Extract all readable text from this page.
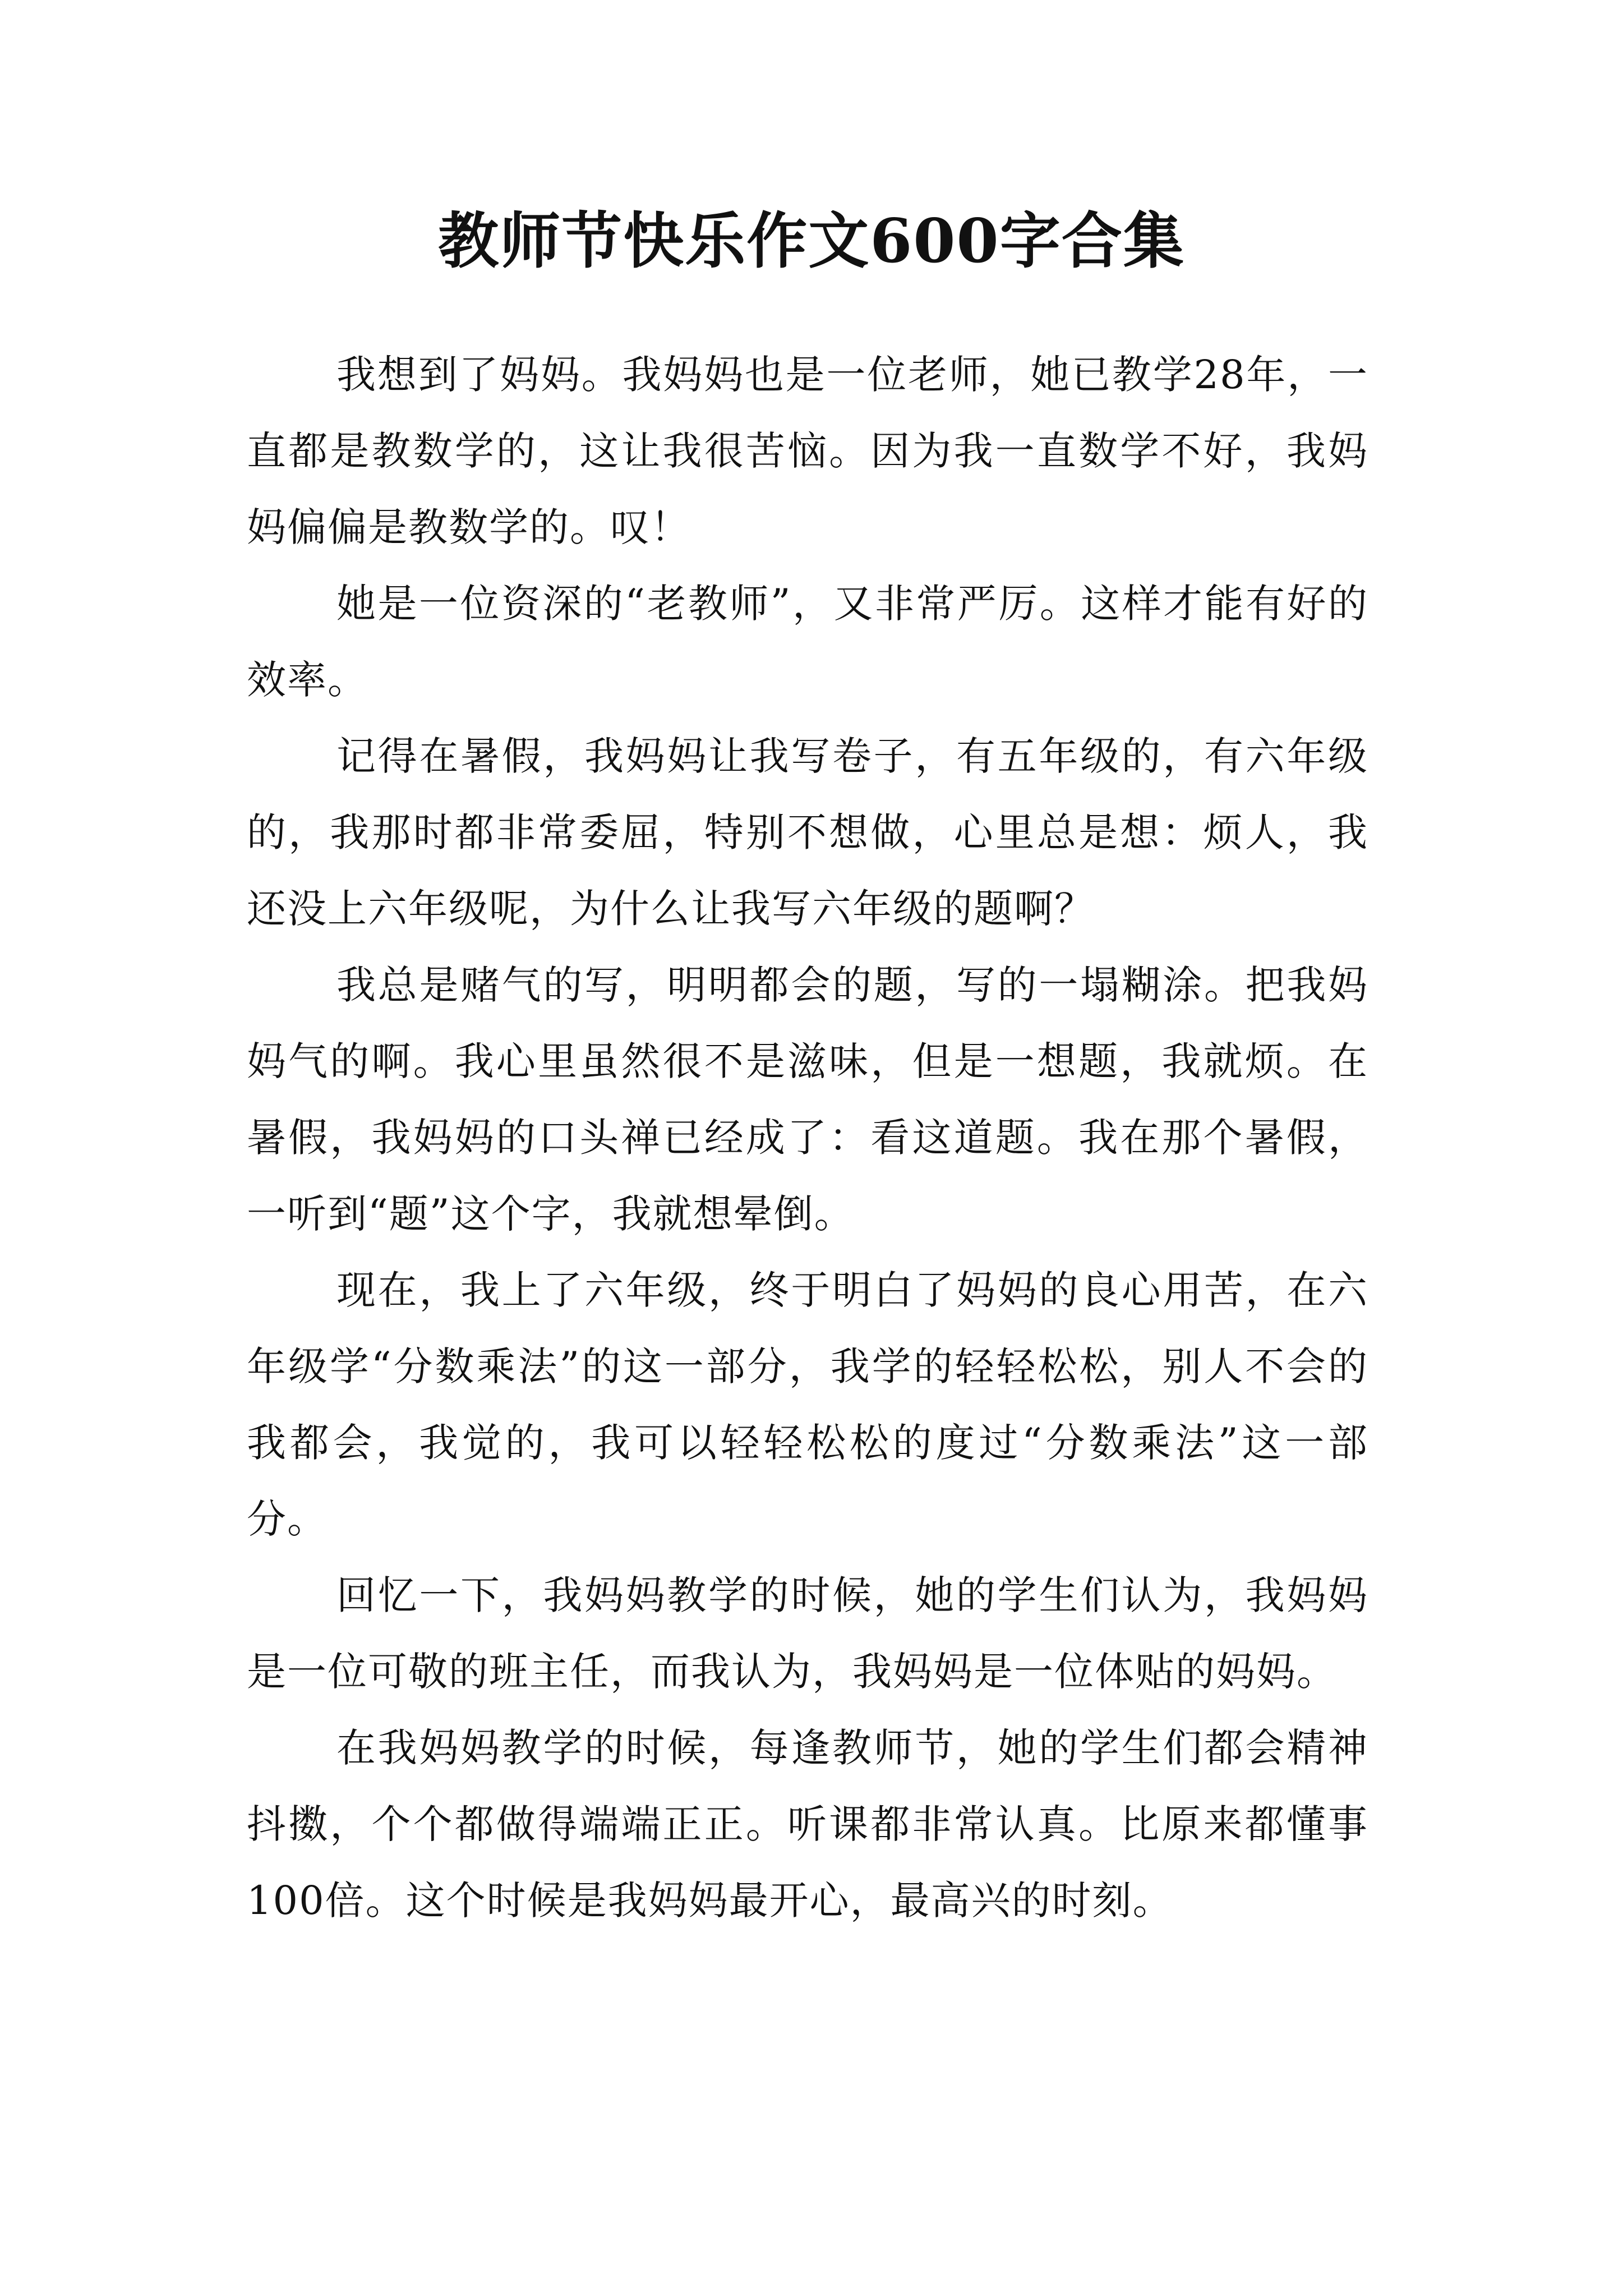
教师节快乐作文600字合集

我想到了妈妈。我妈妈也是一位老师，她已教学28年，一直都是教数学的，这让我很苦恼。因为我一直数学不好，我妈妈偏偏是教数学的。叹！

她是一位资深的“老教师”，又非常严厉。这样才能有好的效率。

记得在暑假，我妈妈让我写卷子，有五年级的，有六年级的，我那时都非常委屈，特别不想做，心里总是想：烦人，我还没上六年级呢，为什么让我写六年级的题啊？

我总是赌气的写，明明都会的题，写的一塌糊涂。把我妈妈气的啊。我心里虽然很不是滋味，但是一想题，我就烦。在暑假，我妈妈的口头禅已经成了：看这道题。我在那个暑假，一听到“题”这个字，我就想晕倒。

现在，我上了六年级，终于明白了妈妈的良心用苦，在六年级学“分数乘法”的这一部分，我学的轻轻松松，别人不会的我都会，我觉的，我可以轻轻松松的度过“分数乘法”这一部分。

回忆一下，我妈妈教学的时候，她的学生们认为，我妈妈是一位可敬的班主任，而我认为，我妈妈是一位体贴的妈妈。

在我妈妈教学的时候，每逢教师节，她的学生们都会精神抖擞，个个都做得端端正正。听课都非常认真。比原来都懂事100倍。这个时候是我妈妈最开心，最高兴的时刻。
